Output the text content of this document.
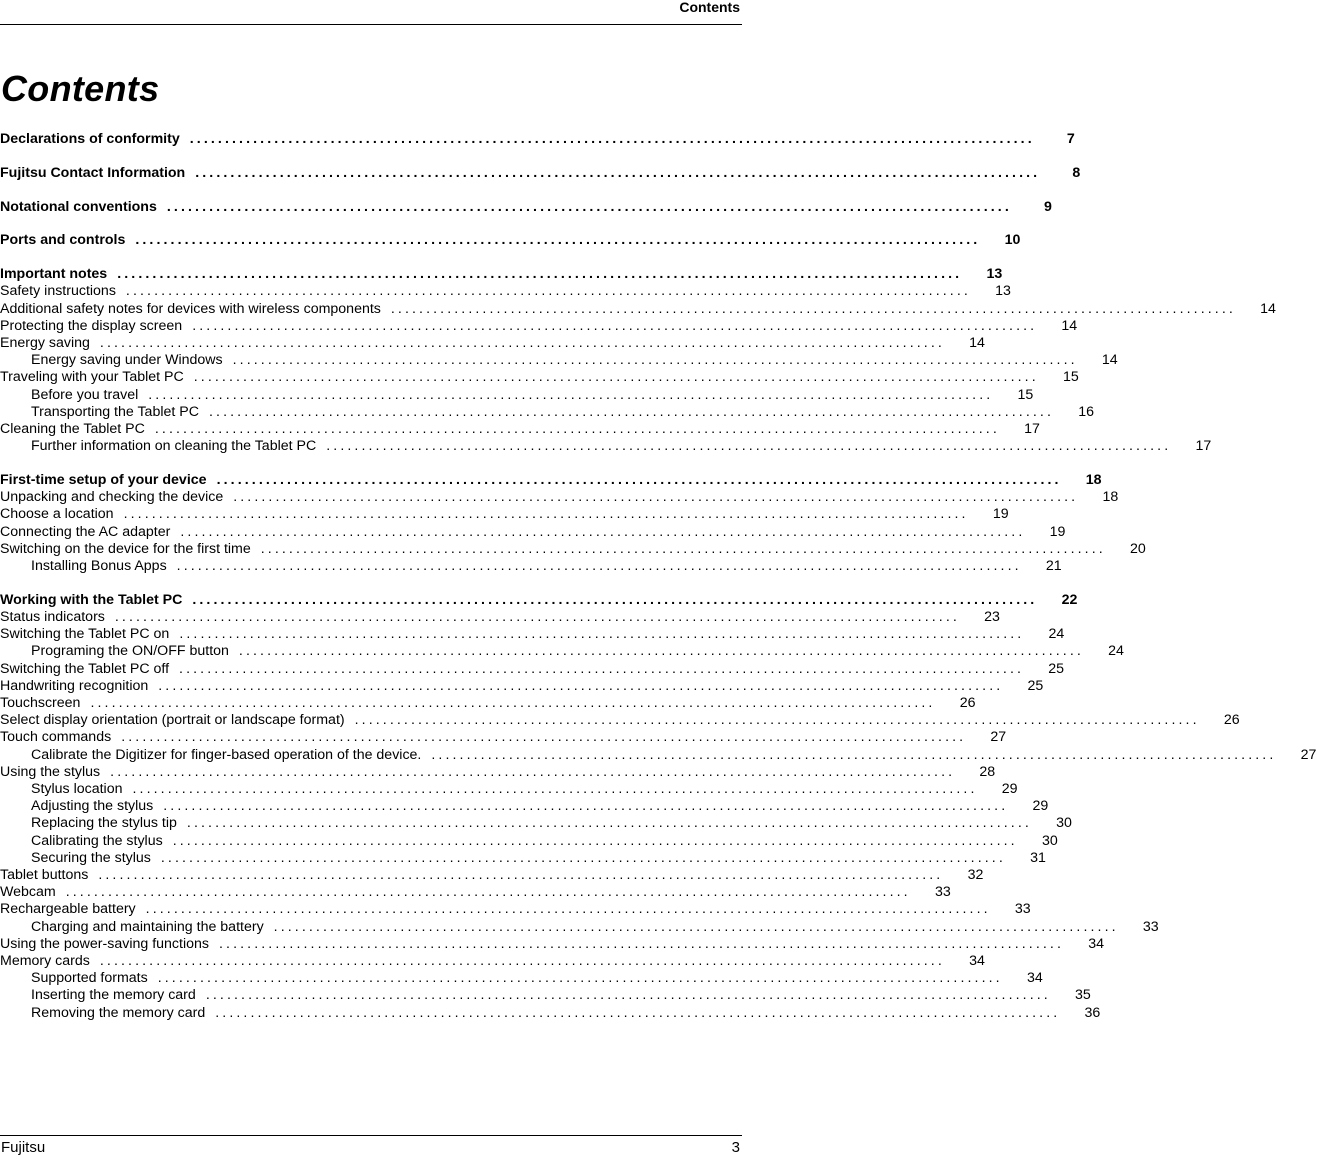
Contents
Contents
Declarations of conformity ........................................................................................................................	7
Fujitsu Contact Information ........................................................................................................................	8
Notational conventions ........................................................................................................................	9
Ports and controls ........................................................................................................................	10
Important notes ........................................................................................................................	13
Safety instructions ........................................................................................................................	13
Additional safety notes for devices with wireless components ........................................................................................................................	14
Protecting the display screen ........................................................................................................................	14
Energy saving ........................................................................................................................	14
Energy saving under Windows ........................................................................................................................	14
Traveling with your Tablet PC ........................................................................................................................	15
Before you travel ........................................................................................................................	15
Transporting the Tablet PC ........................................................................................................................	16
Cleaning the Tablet PC ........................................................................................................................	17
Further information on cleaning the Tablet PC ........................................................................................................................	17
First-time setup of your device ........................................................................................................................	18
Unpacking and checking the device ........................................................................................................................	18
Choose a location ........................................................................................................................	19
Connecting the AC adapter ........................................................................................................................	19
Switching on the device for the first time ........................................................................................................................	20
Installing Bonus Apps ........................................................................................................................	21
Working with the Tablet PC ........................................................................................................................	22
Status indicators ........................................................................................................................	23
Switching the Tablet PC on ........................................................................................................................	24
Programing the ON/OFF button ........................................................................................................................	24
Switching the Tablet PC off ........................................................................................................................	25
Handwriting recognition ........................................................................................................................	25
Touchscreen ........................................................................................................................	26
Select display orientation (portrait or landscape format) ........................................................................................................................	26
Touch commands ........................................................................................................................	27
Calibrate the Digitizer for finger-based operation of the device. ........................................................................................................................	27
Using the stylus ........................................................................................................................	28
Stylus location ........................................................................................................................	29
Adjusting the stylus ........................................................................................................................	29
Replacing the stylus tip ........................................................................................................................	30
Calibrating the stylus ........................................................................................................................	30
Securing the stylus ........................................................................................................................	31
Tablet buttons ........................................................................................................................	32
Webcam ........................................................................................................................	33
Rechargeable battery ........................................................................................................................	33
Charging and maintaining the battery ........................................................................................................................	33
Using the power-saving functions ........................................................................................................................	34
Memory cards ........................................................................................................................	34
Supported formats ........................................................................................................................	34
Inserting the memory card ........................................................................................................................	35
Removing the memory card ........................................................................................................................	36
Fujitsu	3
